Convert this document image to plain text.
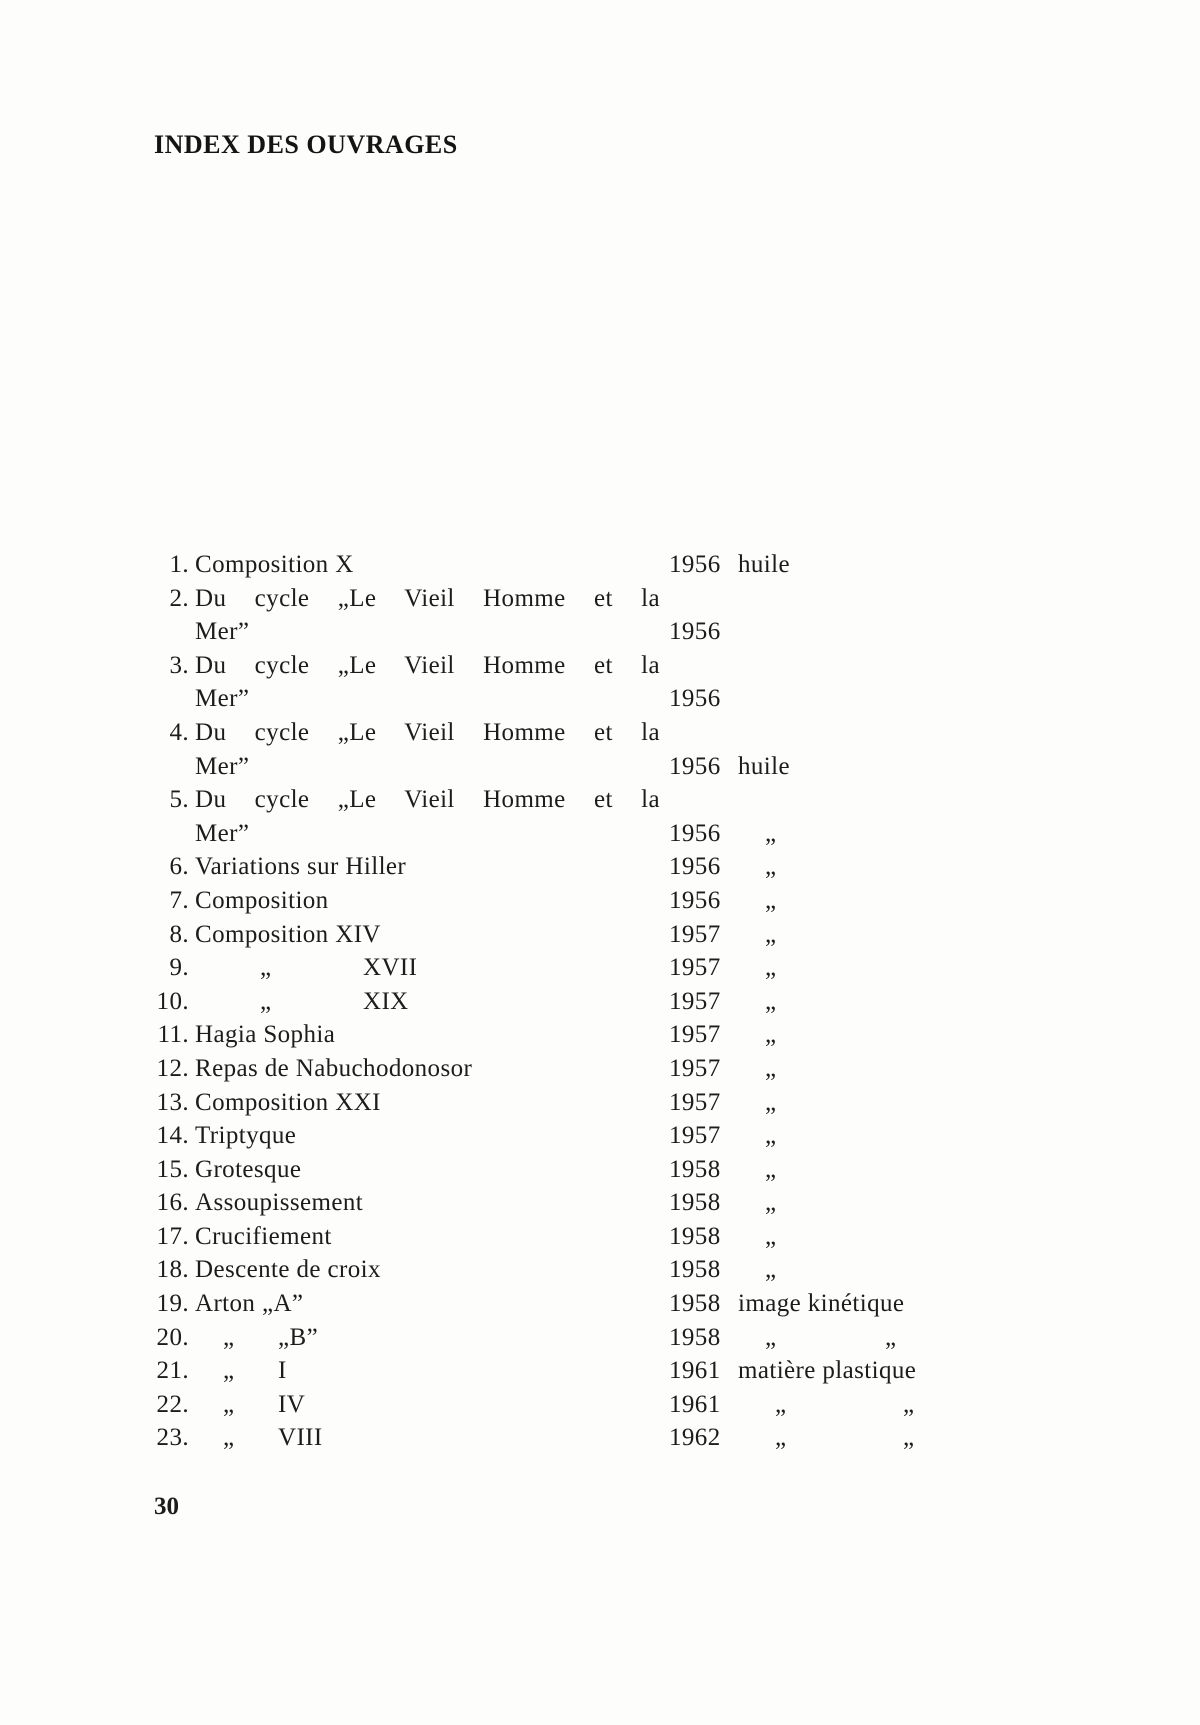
INDEX DES OUVRAGES
1. Composition X	1956 huile
2. Du cycle „Le Vieil Homme et la
Mer”	1956
3. Du cycle „Le Vieil Homme et la
Mer”	1956
4. Du cycle „Le Vieil Homme et la
Mer”	1956 huile
5. Du cycle „Le Vieil Homme et la
Mer”	1956 „
6. Variations sur Hiller	1956 „
7. Composition	1956 „
8. Composition XIV	1957 „
9.	„	XVII	1957 „
10.	„	XIX	1957 „
11. Hagia Sophia	1957 „
12. Repas de Nabuchodonosor	1957 „
13. Composition XXI	1957 „
14. Triptyque	1957 „
15. Grotesque	1958 „
16. Assoupissement	1958 „
17. Crucifiement	1958 „
18. Descente de croix	1958 „
19. Arton „A”	1958 image kinétique
20. „ „B”	1958 „	„
21. „ I	1961 matière plastique
22. „ IV	1961 „	„
23. „ VIII	1962 „	„
30
